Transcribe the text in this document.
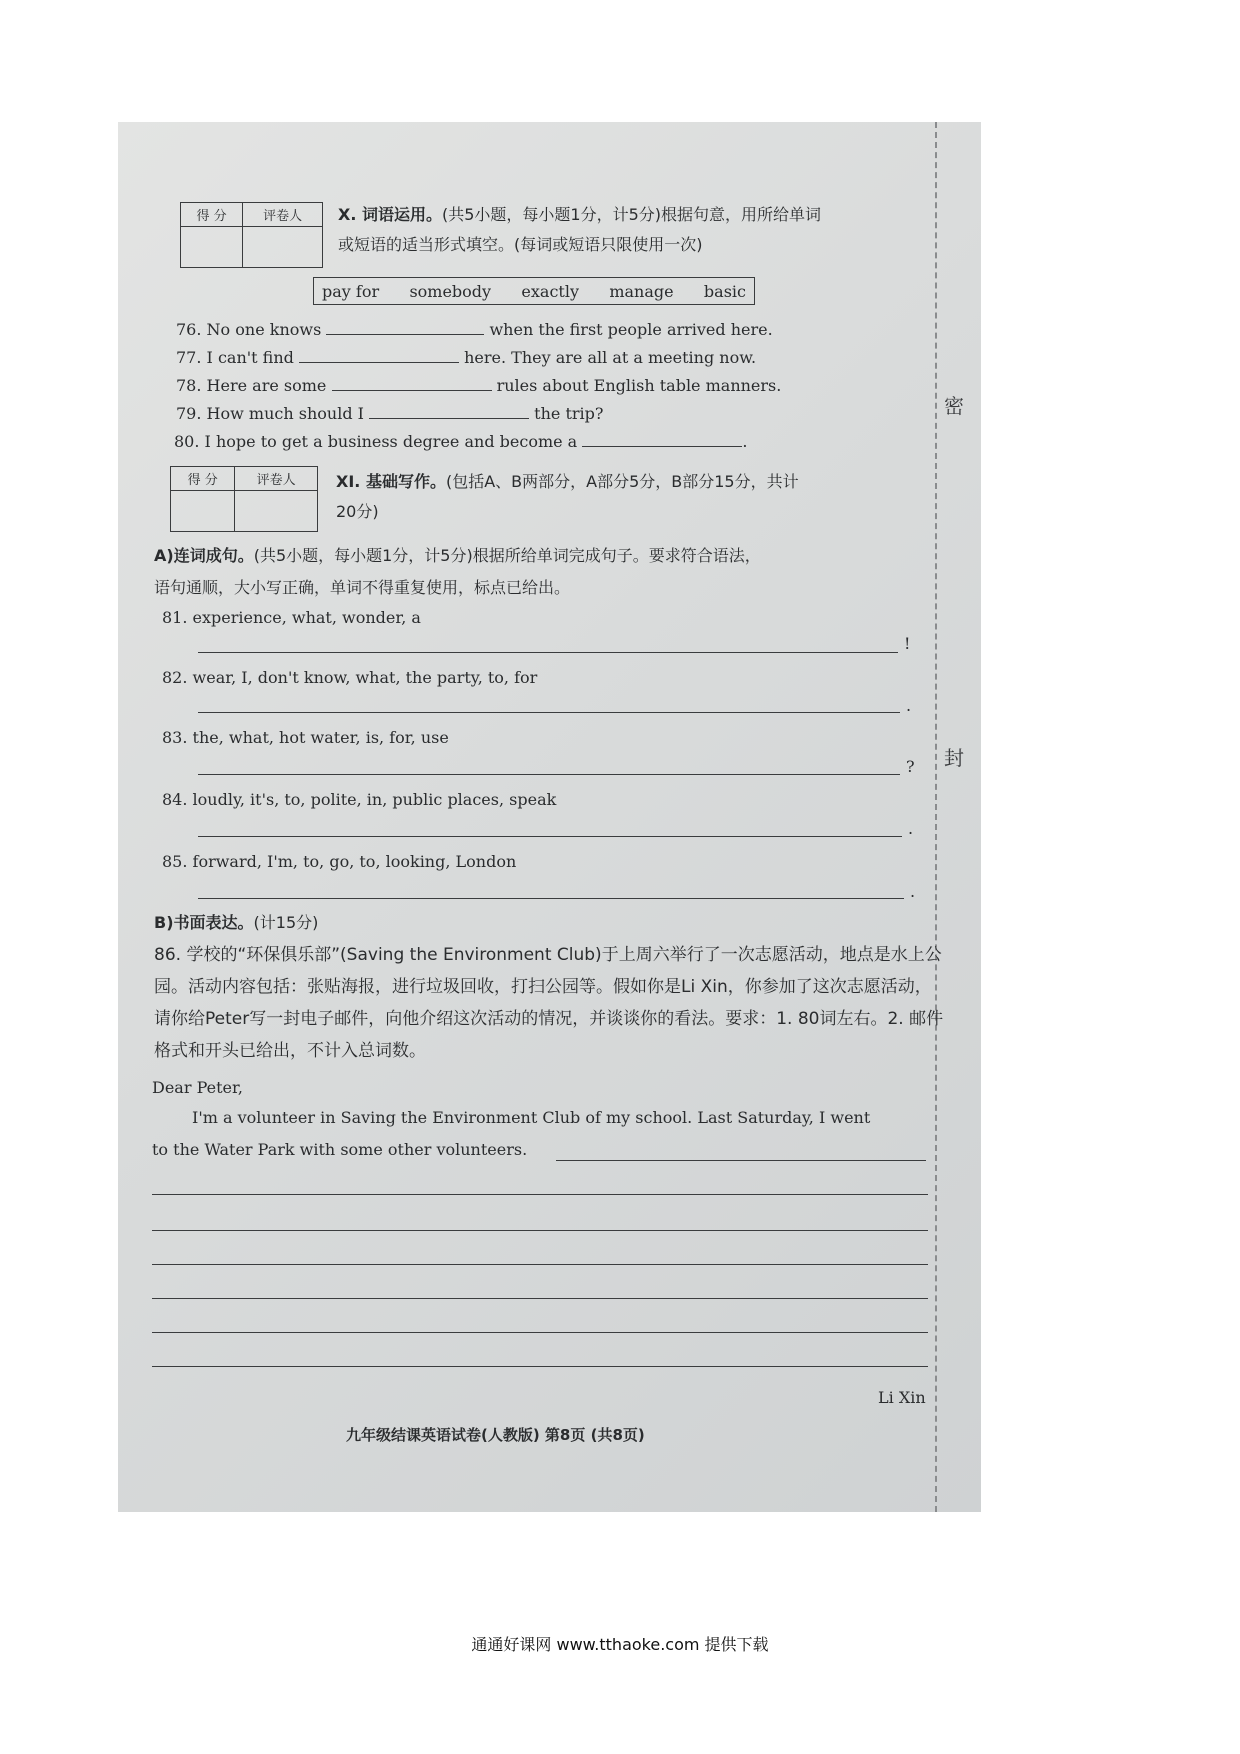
密
封
得 分	评卷人
	X. 词语运用。(共5小题，每小题1分，计5分)根据句意，用所给单词
或短语的适当形式填空。(每词或短语只限使用一次)
pay for somebody exactly manage basic
76. No one knows	when the first people arrived here.
77. I can't find	here. They are all at a meeting now.
78. Here are some	rules about English table manners.
79. How much should I	the trip?
80. I hope to get a business degree and become a	.
得 分	评卷人
		XI. 基础写作。(包括A、B两部分，A部分5分，B部分15分，共计
20分)
A)连词成句。(共5小题，每小题1分，计5分)根据所给单词完成句子。要求符合语法，
语句通顺，大小写正确，单词不得重复使用，标点已给出。
81. experience, what, wonder, a
!
82. wear, I, don't know, what, the party, to, for
.
83. the, what, hot water, is, for, use
?
84. loudly, it's, to, polite, in, public places, speak
.
85. forward, I'm, to, go, to, looking, London
.
B)书面表达。(计15分)
86. 学校的“环保俱乐部”(Saving the Environment Club)于上周六举行了一次志愿活动，地点是水上公园。活动内容包括：张贴海报，进行垃圾回收，打扫公园等。假如你是Li Xin，你参加了这次志愿活动，请你给Peter写一封电子邮件，向他介绍这次活动的情况，并谈谈你的看法。要求：1. 80词左右。2. 邮件格式和开头已给出，不计入总词数。
Dear Peter,
I'm a volunteer in Saving the Environment Club of my school. Last Saturday, I went
to the Water Park with some other volunteers.
Li Xin
九年级结课英语试卷(人教版) 第8页 (共8页)
通通好课网 www.tthaoke.com 提供下载
